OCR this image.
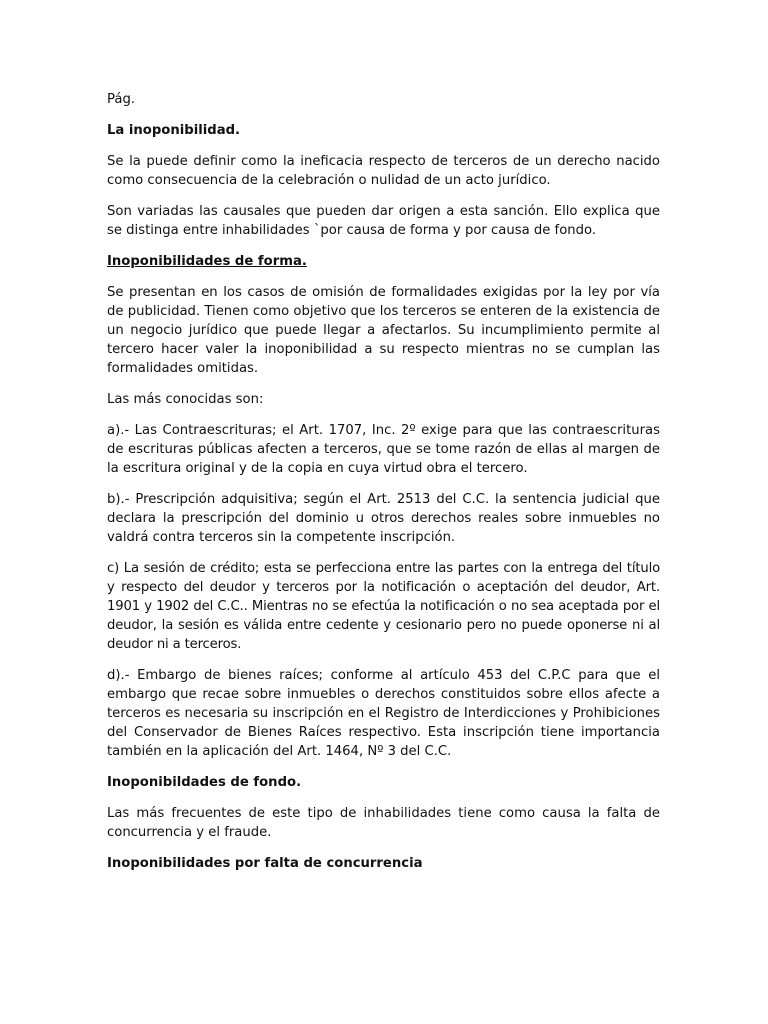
Pág.

La inoponibilidad.

Se la puede definir como la ineficacia respecto de terceros de un derecho nacido como consecuencia de la celebración o nulidad de un acto jurídico.

Son variadas las causales que pueden dar origen a esta sanción. Ello explica que se distinga entre inhabilidades `por causa de forma y por causa de fondo.

Inoponibilidades de forma.

Se presentan en los casos de omisión de formalidades exigidas por la ley por vía de publicidad. Tienen como objetivo que los terceros se enteren de la existencia de un negocio jurídico que puede llegar a afectarlos. Su incumplimiento permite al tercero hacer valer la inoponibilidad a su respecto mientras no se cumplan las formalidades omitidas.

Las más conocidas son:

a).- Las Contraescrituras; el Art. 1707, Inc. 2º exige para que las contraescrituras de escrituras públicas afecten a terceros, que se tome razón de ellas al margen de la escritura original y de la copia en cuya virtud obra el tercero.

b).- Prescripción adquisitiva; según el Art. 2513 del C.C. la sentencia judicial que declara la prescripción del dominio u otros derechos reales sobre inmuebles no valdrá contra terceros sin la competente inscripción.

c) La sesión de crédito; esta se perfecciona entre las partes con la entrega del título y respecto del deudor y terceros por la notificación o aceptación del deudor, Art. 1901 y 1902 del C.C.. Mientras no se efectúa la notificación o no sea aceptada por el deudor, la sesión es válida entre cedente y cesionario pero no puede oponerse ni al deudor ni a terceros.

d).- Embargo de bienes raíces; conforme al artículo 453 del C.P.C para que el embargo que recae sobre inmuebles o derechos constituidos sobre ellos afecte a terceros es necesaria su inscripción en el Registro de Interdicciones y Prohibiciones del Conservador de Bienes Raíces respectivo. Esta inscripción tiene importancia también en la aplicación del Art. 1464, Nº 3 del C.C.

Inoponibildades de fondo.

Las más frecuentes de este tipo de inhabilidades tiene como causa la falta de concurrencia y el fraude.

Inoponibilidades por falta de concurrencia
